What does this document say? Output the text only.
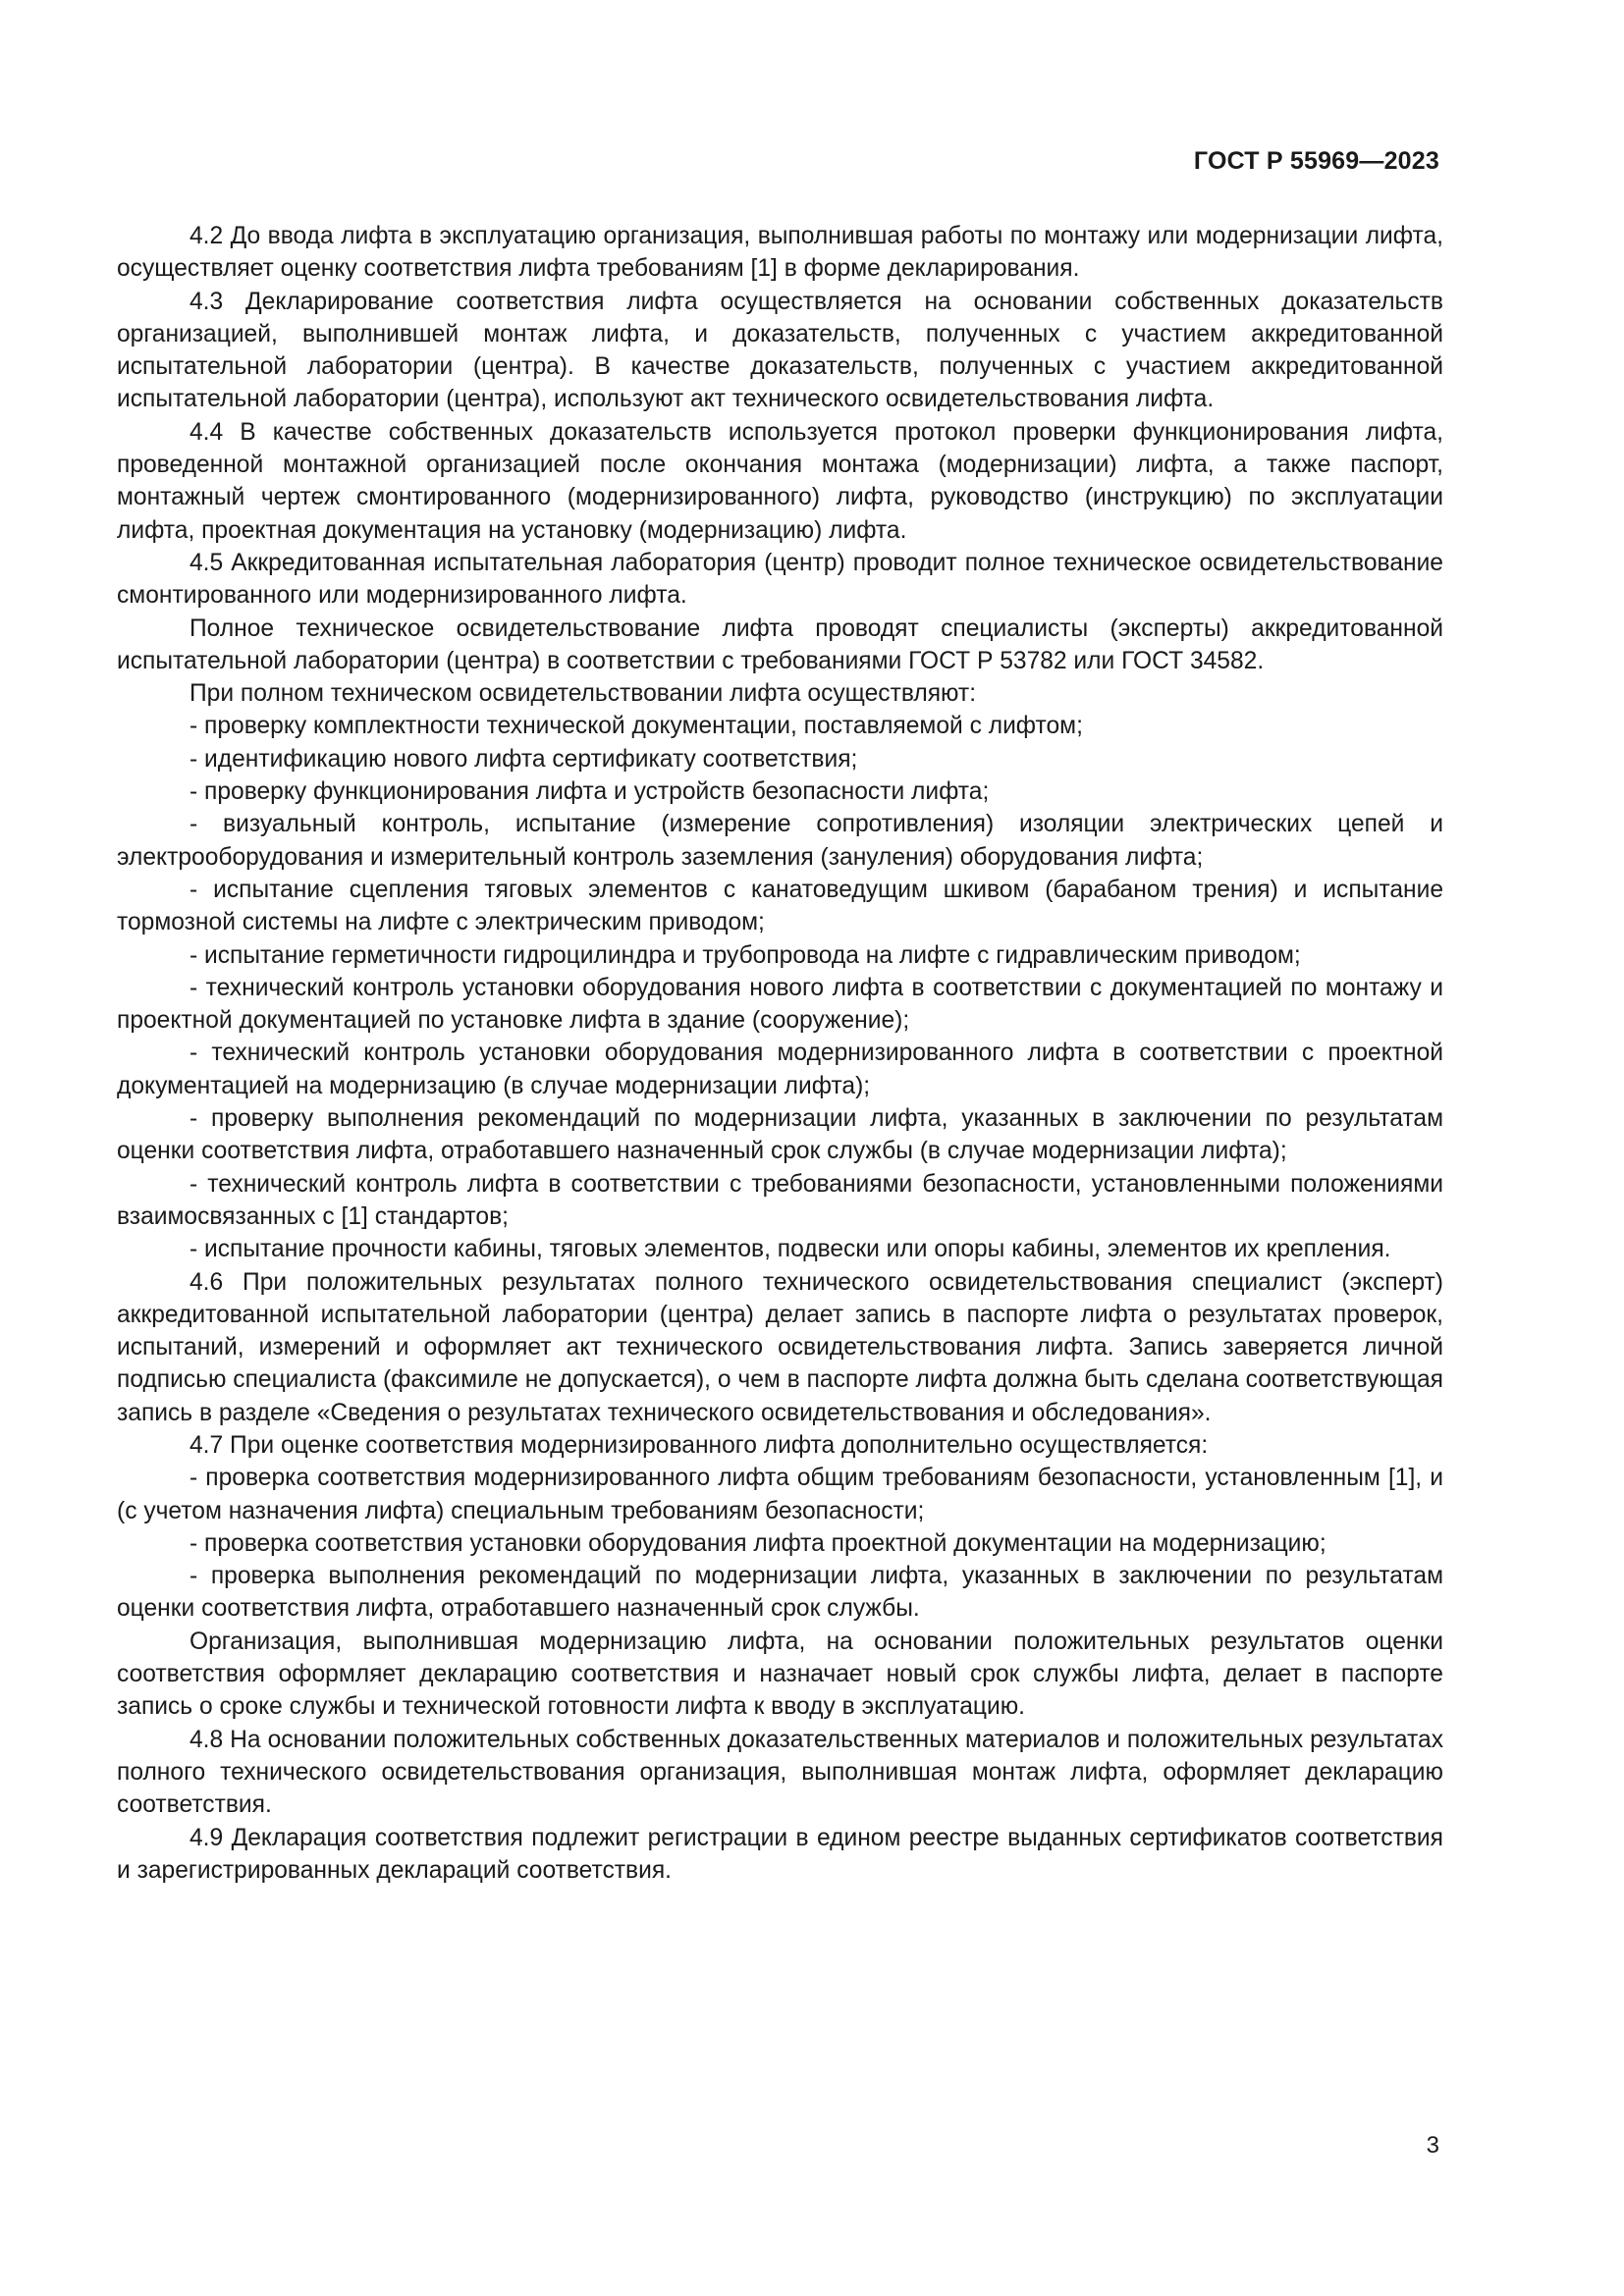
ГОСТ Р 55969—2023

4.2 До ввода лифта в эксплуатацию организация, выполнившая работы по монтажу или модернизации лифта, осуществляет оценку соответствия лифта требованиям [1] в форме декларирования.

4.3 Декларирование соответствия лифта осуществляется на основании собственных доказательств организацией, выполнившей монтаж лифта, и доказательств, полученных с участием аккредитованной испытательной лаборатории (центра). В качестве доказательств, полученных с участием аккредитованной испытательной лаборатории (центра), используют акт технического освидетельствования лифта.

4.4 В качестве собственных доказательств используется протокол проверки функционирования лифта, проведенной монтажной организацией после окончания монтажа (модернизации) лифта, а также паспорт, монтажный чертеж смонтированного (модернизированного) лифта, руководство (инструкцию) по эксплуатации лифта, проектная документация на установку (модернизацию) лифта.

4.5 Аккредитованная испытательная лаборатория (центр) проводит полное техническое освидетельствование смонтированного или модернизированного лифта.

Полное техническое освидетельствование лифта проводят специалисты (эксперты) аккредитованной испытательной лаборатории (центра) в соответствии с требованиями ГОСТ Р 53782 или ГОСТ 34582.

При полном техническом освидетельствовании лифта осуществляют:

- проверку комплектности технической документации, поставляемой с лифтом;

- идентификацию нового лифта сертификату соответствия;

- проверку функционирования лифта и устройств безопасности лифта;

- визуальный контроль, испытание (измерение сопротивления) изоляции электрических цепей и электрооборудования и измерительный контроль заземления (зануления) оборудования лифта;

- испытание сцепления тяговых элементов с канатоведущим шкивом (барабаном трения) и испытание тормозной системы на лифте с электрическим приводом;

- испытание герметичности гидроцилиндра и трубопровода на лифте с гидравлическим приводом;

- технический контроль установки оборудования нового лифта в соответствии с документацией по монтажу и проектной документацией по установке лифта в здание (сооружение);

- технический контроль установки оборудования модернизированного лифта в соответствии с проектной документацией на модернизацию (в случае модернизации лифта);

- проверку выполнения рекомендаций по модернизации лифта, указанных в заключении по результатам оценки соответствия лифта, отработавшего назначенный срок службы (в случае модернизации лифта);

- технический контроль лифта в соответствии с требованиями безопасности, установленными положениями взаимосвязанных с [1] стандартов;

- испытание прочности кабины, тяговых элементов, подвески или опоры кабины, элементов их крепления.

4.6 При положительных результатах полного технического освидетельствования специалист (эксперт) аккредитованной испытательной лаборатории (центра) делает запись в паспорте лифта о результатах проверок, испытаний, измерений и оформляет акт технического освидетельствования лифта. Запись заверяется личной подписью специалиста (факсимиле не допускается), о чем в паспорте лифта должна быть сделана соответствующая запись в разделе «Сведения о результатах технического освидетельствования и обследования».

4.7 При оценке соответствия модернизированного лифта дополнительно осуществляется:

- проверка соответствия модернизированного лифта общим требованиям безопасности, установленным [1], и (с учетом назначения лифта) специальным требованиям безопасности;

- проверка соответствия установки оборудования лифта проектной документации на модернизацию;

- проверка выполнения рекомендаций по модернизации лифта, указанных в заключении по результатам оценки соответствия лифта, отработавшего назначенный срок службы.

Организация, выполнившая модернизацию лифта, на основании положительных результатов оценки соответствия оформляет декларацию соответствия и назначает новый срок службы лифта, делает в паспорте запись о сроке службы и технической готовности лифта к вводу в эксплуатацию.

4.8 На основании положительных собственных доказательственных материалов и положительных результатах полного технического освидетельствования организация, выполнившая монтаж лифта, оформляет декларацию соответствия.

4.9 Декларация соответствия подлежит регистрации в едином реестре выданных сертификатов соответствия и зарегистрированных деклараций соответствия.

3
